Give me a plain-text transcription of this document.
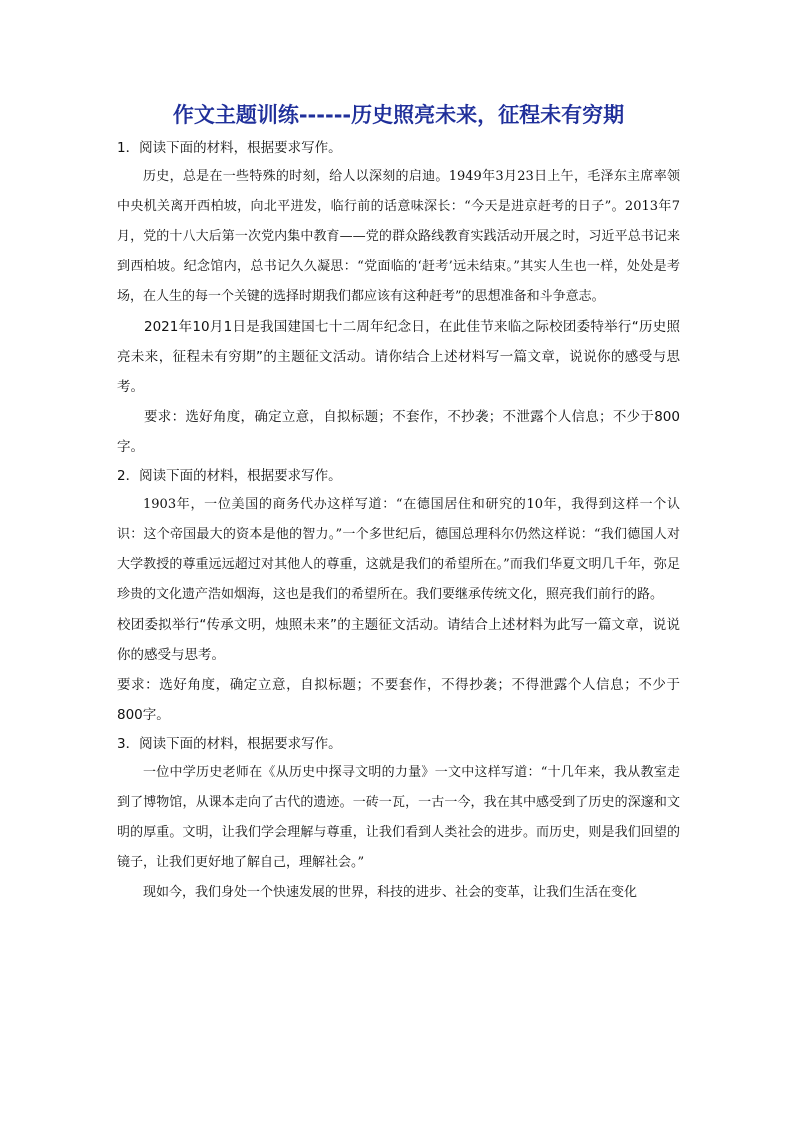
作文主题训练------历史照亮未来，征程未有穷期

1．阅读下面的材料，根据要求写作。

历史，总是在一些特殊的时刻，给人以深刻的启迪。1949年3月23日上午，毛泽东主席率领中央机关离开西柏坡，向北平进发，临行前的话意味深长：“今天是进京赶考的日子”。2013年7月，党的十八大后第一次党内集中教育——党的群众路线教育实践活动开展之时，习近平总书记来到西柏坡。纪念馆内，总书记久久凝思：“党面临的‘赶考’远未结束。”其实人生也一样，处处是考场，在人生的每一个关键的选择时期我们都应该有这种赶考”的思想准备和斗争意志。

2021年10月1日是我国建国七十二周年纪念日，在此佳节来临之际校团委特举行“历史照亮未来，征程未有穷期”的主题征文活动。请你结合上述材料写一篇文章，说说你的感受与思考。

要求：选好角度，确定立意，自拟标题；不套作，不抄袭；不泄露个人信息；不少于800字。

2．阅读下面的材料，根据要求写作。

1903年，一位美国的商务代办这样写道：“在德国居住和研究的10年，我得到这样一个认识：这个帝国最大的资本是他的智力。”一个多世纪后，德国总理科尔仍然这样说：“我们德国人对大学教授的尊重远远超过对其他人的尊重，这就是我们的希望所在。”而我们华夏文明几千年，弥足珍贵的文化遗产浩如烟海，这也是我们的希望所在。我们要继承传统文化，照亮我们前行的路。

校团委拟举行“传承文明，烛照未来”的主题征文活动。请结合上述材料为此写一篇文章，说说你的感受与思考。

要求：选好角度，确定立意，自拟标题；不要套作，不得抄袭；不得泄露个人信息；不少于800字。

3．阅读下面的材料，根据要求写作。

一位中学历史老师在《从历史中探寻文明的力量》一文中这样写道：“十几年来，我从教室走到了博物馆，从课本走向了古代的遗迹。一砖一瓦，一古一今，我在其中感受到了历史的深邃和文明的厚重。文明，让我们学会理解与尊重，让我们看到人类社会的进步。而历史，则是我们回望的镜子，让我们更好地了解自己，理解社会。”

现如今，我们身处一个快速发展的世界，科技的进步、社会的变革，让我们生活在变化
